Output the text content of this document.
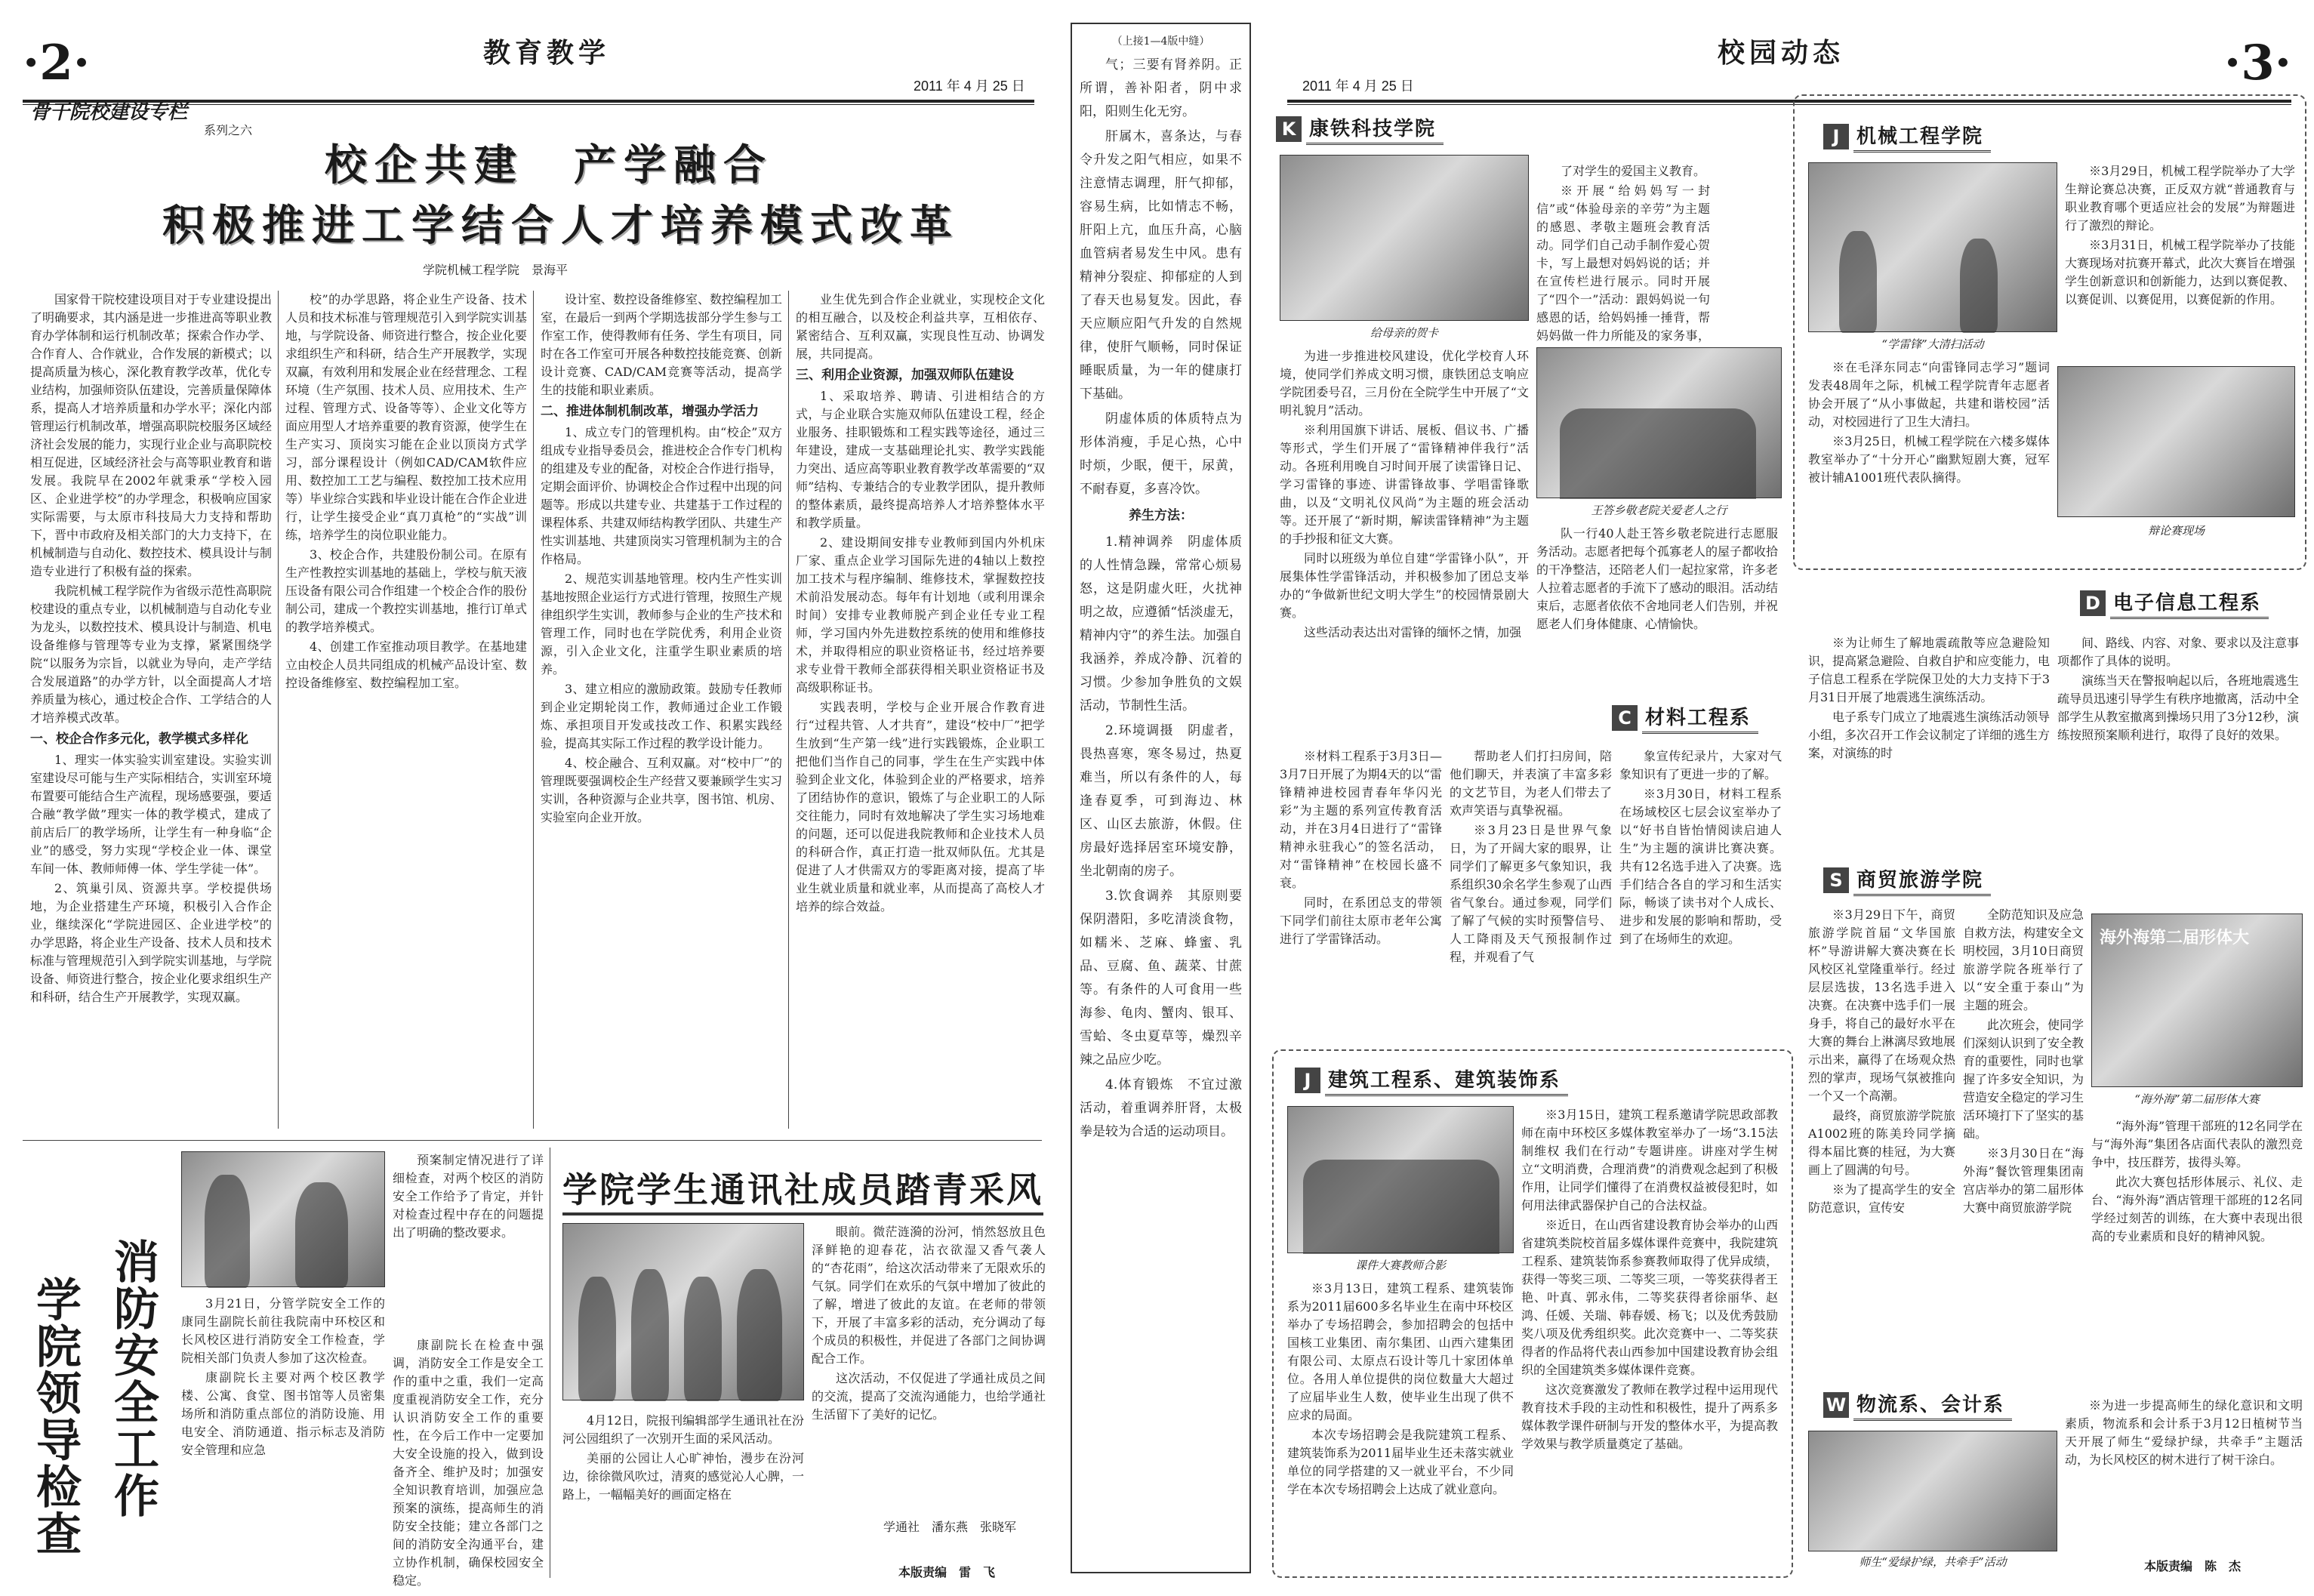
·2·	教育教学
2011 年 4 月 25 日
骨干院校建设专栏
系列之六
校企共建　产学融合
积极推进工学结合人才培养模式改革
学院机械工程学院　景海平

国家骨干院校建设项目对于专业建设提出了明确要求，其内涵是进一步推进高等职业教育办学体制和运行机制改革；探索合作办学、合作育人、合作就业，合作发展的新模式；以提高质量为核心，深化教育教学改革，优化专业结构，加强师资队伍建设，完善质量保障体系，提高人才培养质量和办学水平；深化内部管理运行机制改革，增强高职院校服务区域经济社会发展的能力，实现行业企业与高职院校相互促进，区域经济社会与高等职业教育和谐发展。我院早在2002年就秉承“学校入园区、企业进学校”的办学理念，积极响应国家实际需要，与太原市科技局大力支持和帮助下，晋中市政府及相关部门的大力支持下，在机械制造与自动化、数控技术、模具设计与制造专业进行了积极有益的探索。

我院机械工程学院作为省级示范性高职院校建设的重点专业，以机械制造与自动化专业为龙头，以数控技术、模具设计与制造、机电设备维修与管理等专业为支撑，紧紧围绕学院“以服务为宗旨，以就业为导向，走产学结合发展道路”的办学方针，以全面提高人才培养质量为核心，通过校企合作、工学结合的人才培养模式改革。

一、校企合作多元化，教学模式多样化

1、理实一体实验实训室建设。实验实训室建设尽可能与生产实际相结合，实训室环境布置要可能结合生产流程，现场感要强，要适合融“教学做”理实一体的教学模式，建成了前店后厂的教学场所，让学生有一种身临“企业”的感受，努力实现“学校企业一体、课堂车间一体、教师师傅一体、学生学徒一体”。

2、筑巢引凤、资源共享。学校提供场地，为企业搭建生产环境，积极引入合作企业，继续深化“学院进园区、企业进学校”的办学思路，将企业生产设备、技术人员和技术标准与管理规范引入到学院实训基地，与学院设备、师资进行整合，按企业化要求组织生产和科研，结合生产开展教学，实现双赢。

校”的办学思路，将企业生产设备、技术人员和技术标准与管理规范引入到学院实训基地，与学院设备、师资进行整合，按企业化要求组织生产和科研，结合生产开展教学，实现双赢，有效利用和发展企业在经营理念、工程环境（生产氛围、技术人员、应用技术、生产过程、管理方式、设备等等）、企业文化等方面应用型人才培养重要的教育资源，使学生在生产实习、顶岗实习能在企业以顶岗方式学习，部分课程设计（例如CAD/CAM软件应用、数控加工工艺与编程、数控加工技术应用等）毕业综合实践和毕业设计能在合作企业进行，让学生接受企业“真刀真枪”的“实战”训练，培养学生的岗位职业能力。

3、校企合作，共建股份制公司。在原有生产性教控实训基地的基础上，学校与航天液压设备有限公司合作组建一个校企合作的股份制公司，建成一个教控实训基地，推行订单式的教学培养模式。

4、创建工作室推动项目教学。在基地建立由校企人员共同组成的机械产品设计室、数控设备维修室、数控编程加工室。

设计室、数控设备维修室、数控编程加工室，在最后一到两个学期选拔部分学生参与工作室工作，使得教师有任务、学生有项目，同时在各工作室可开展各种数控技能竞赛、创新设计竞赛、CAD/CAM竞赛等活动，提高学生的技能和职业素质。

二、推进体制机制改革，增强办学活力

1、成立专门的管理机构。由“校企”双方组成专业指导委员会，推进校企合作专门机构的组建及专业的配备，对校企合作进行指导，定期会面评价、协调校企合作过程中出现的问题等。形成以共建专业、共建基于工作过程的课程体系、共建双师结构教学团队、共建生产性实训基地、共建顶岗实习管理机制为主的合作格局。

2、规范实训基地管理。校内生产性实训基地按照企业运行方式进行管理，按照生产规律组织学生实训，教师参与企业的生产技术和管理工作，同时也在学院优秀，利用企业资源，引入企业文化，注重学生职业素质的培养。

3、建立相应的激励政策。鼓励专任教师到企业定期轮岗工作，教师通过企业工作锻炼、承担项目开发或技改工作、积累实践经验，提高其实际工作过程的教学设计能力。

4、校企融合、互利双赢。对“校中厂”的管理既要强调校企生产经营又要兼顾学生实习实训，各种资源与企业共享，图书馆、机房、实验室向企业开放。

业生优先到合作企业就业，实现校企文化的相互融合，以及校企利益共享，互相依存、紧密结合、互利双赢，实现良性互动、协调发展，共同提高。

三、利用企业资源，加强双师队伍建设

1、采取培养、聘请、引进相结合的方式，与企业联合实施双师队伍建设工程，经企业服务、挂职锻炼和工程实践等途径，通过三年建设，建成一支基础理论扎实、教学实践能力突出、适应高等职业教育教学改革需要的“双师”结构、专兼结合的专业教学团队，提升教师的整体素质，最终提高培养人才培养整体水平和教学质量。

2、建设期间安排专业教师到国内外机床厂家、重点企业学习国际先进的4轴以上数控加工技术与程序编制、维修技术，掌握数控技术前沿发展动态。每年有计划地（或利用课余时间）安排专业教师脱产到企业任专业工程师，学习国内外先进数控系统的使用和维修技术，并取得相应的职业资格证书，经过培养要求专业骨干教师全部获得相关职业资格证书及高级职称证书。

实践表明，学校与企业开展合作教育进行“过程共管、人才共育”，建设“校中厂”把学生放到“生产第一线”进行实践锻炼，企业职工把他们当作自己的同事，学生在生产实践中体验到企业文化，体验到企业的严格要求，培养了团结协作的意识，锻炼了与企业职工的人际交往能力，同时有效地解决了学生实习场地难的问题，还可以促进我院教师和企业技术人员的科研合作，真正打造一批双师队伍。尤其是促进了人才供需双方的零距离对接，提高了毕业生就业质量和就业率，从而提高了高校人才培养的综合效益。

学院领导检查 消防安全工作

预案制定情况进行了详细检查，对两个校区的消防安全工作给予了肯定，并针对检查过程中存在的问题提出了明确的整改要求。

3月21日，分管学院安全工作的康同生副院长前往我院南中环校区和长风校区进行消防安全工作检查，学院相关部门负责人参加了这次检查。

康副院长主要对两个校区教学楼、公寓、食堂、图书馆等人员密集场所和消防重点部位的消防设施、用电安全、消防通道、指示标志及消防安全管理和应急

康副院长在检查中强调，消防安全工作是安全工作的重中之重，我们一定高度重视消防安全工作，充分认识消防安全工作的重要性，在今后工作中一定要加大安全设施的投入，做到设备齐全、维护及时；加强安全知识教育培训，加强应急预案的演练，提高师生的消防安全技能；建立各部门之间的消防安全沟通平台，建立协作机制，确保校园安全稳定。

学院学生通讯社成员踏青采风

4月12日，院报刊编辑部学生通讯社在汾河公园组织了一次别开生面的采风活动。

美丽的公园让人心旷神怡，漫步在汾河边，徐徐微风吹过，清爽的感觉沁人心脾，一路上，一幅幅美好的画面定格在

眼前。微茫涟漪的汾河，悄然怒放且色泽鲜艳的迎春花，沾衣欲湿又香气袭人的“杏花雨”，给这次活动带来了无限欢乐的气氛。同学们在欢乐的气氛中增加了彼此的了解，增进了彼此的友谊。在老师的带领下，开展了丰富多彩的活动，充分调动了每个成员的积极性，并促进了各部门之间协调配合工作。

这次活动，不仅促进了学通社成员之间的交流，提高了交流沟通能力，也给学通社生活留下了美好的记忆。

学通社　潘东燕　张晓军
本版责编　雷　飞
（上接1—4版中缝）

气；三要有肾养阴。正所谓，善补阳者，阴中求阳，阳则生化无穷。

肝属木，喜条达，与春令升发之阳气相应，如果不注意情志调理，肝气抑郁，容易生病，比如情志不畅，肝阳上亢，血压升高，心脑血管病者易发生中风。患有精神分裂症、抑郁症的人到了春天也易复发。因此，春天应顺应阳气升发的自然规律，使肝气顺畅，同时保证睡眠质量，为一年的健康打下基础。

阴虚体质的体质特点为形体消瘦，手足心热，心中时烦，少眠，便干，尿黄，不耐春夏，多喜冷饮。

养生方法：

1.精神调养　阴虚体质的人性情急躁，常常心烦易怒，这是阴虚火旺，火扰神明之故，应遵循“恬淡虚无，精神内守”的养生法。加强自我涵养，养成冷静、沉着的习惯。少参加争胜负的文娱活动，节制性生活。

2.环境调摄　阴虚者，畏热喜寒，寒冬易过，热夏难当，所以有条件的人，每逢春夏季，可到海边、林区、山区去旅游，休假。住房最好选择居室环境安静，坐北朝南的房子。

3.饮食调养　其原则要保阴潜阳，多吃清淡食物，如糯米、芝麻、蜂蜜、乳品、豆腐、鱼、蔬菜、甘蔗等。有条件的人可食用一些海参、龟肉、蟹肉、银耳、雪蛤、冬虫夏草等，燥烈辛辣之品应少吃。

4.体育锻炼　不宜过激活动，着重调养肝肾，太极拳是较为合适的运动项目。

2011 年 4 月 25 日
校园动态	·3·
K 康铁科技学院
给母亲的贺卡

了对学生的爱国主义教育。

※开展“给妈妈写一封信”或“体验母亲的辛劳”为主题的感恩、孝敬主题班会教育活动。同学们自己动手制作爱心贺卡，写上最想对妈妈说的话；并在宣传栏进行展示。同时开展了“四个一”活动：跟妈妈说一句感恩的话，给妈妈捶一捶背，帮妈妈做一件力所能及的家务事，

为进一步推进校风建设，优化学校育人环境，使同学们养成文明习惯，康铁团总支响应学院团委号召，三月份在全院学生中开展了“文明礼貌月”活动。

※利用国旗下讲话、展板、倡议书、广播等形式，学生们开展了“雷锋精神伴我行”活动。各班利用晚自习时间开展了读雷锋日记、学习雷锋的事迹、讲雷锋故事、学唱雷锋歌曲，以及“文明礼仪风尚”为主题的班会活动等。还开展了“新时期，解读雷锋精神”为主题的手抄报和征文大赛。

同时以班级为单位自建“学雷锋小队”，开展集体性学雷锋活动，并积极参加了团总支举办的“争做新世纪文明大学生”的校园情景剧大赛。

这些活动表达出对雷锋的缅怀之情，加强

王答乡敬老院关爱老人之行

队一行40人赴王答乡敬老院进行志愿服务活动。志愿者把每个孤寡老人的屋子都收拾的干净整洁，还陪老人们一起拉家常，许多老人拉着志愿者的手流下了感动的眼泪。活动结束后，志愿者依依不舍地同老人们告别，并祝愿老人们身体健康、心情愉快。

J 机械工程学院
“学雷锋”大清扫活动

※3月29日，机械工程学院举办了大学生辩论赛总决赛，正反双方就“普通教育与职业教育哪个更适应社会的发展”为辩题进行了激烈的辩论。

※3月31日，机械工程学院举办了技能大赛现场对抗赛开幕式，此次大赛旨在增强学生创新意识和创新能力，达到以赛促教、以赛促训、以赛促用，以赛促新的作用。

※在毛泽东同志“向雷锋同志学习”题词发表48周年之际，机械工程学院青年志愿者协会开展了“从小事做起，共建和谐校园”活动，对校园进行了卫生大清扫。

※3月25日，机械工程学院在六楼多媒体教室举办了“十分开心”幽默短剧大赛，冠军被计辅A1001班代表队摘得。

辩论赛现场
D 电子信息工程系

※为让师生了解地震疏散等应急避险知识，提高紧急避险、自救自护和应变能力，电子信息工程系在学院保卫处的大力支持下于3月31日开展了地震逃生演练活动。

电子系专门成立了地震逃生演练活动领导小组，多次召开工作会议制定了详细的逃生方案，对演练的时

间、路线、内容、对象、要求以及注意事项都作了具体的说明。

演练当天在警报响起以后，各班地震逃生疏导员迅速引导学生有秩序地撤离，活动中全部学生从教室撤离到操场只用了3分12秒，演练按照预案顺利进行，取得了良好的效果。

C 材料工程系

※材料工程系于3月3日—3月7日开展了为期4天的以“雷锋精神进校园青春年华闪光彩”为主题的系列宣传教育活动，并在3月4日进行了“雷锋精神永驻我心”的签名活动，对“雷锋精神”在校园长盛不衰。

同时，在系团总支的带领下同学们前往太原市老年公寓进行了学雷锋活动。

帮助老人们打扫房间，陪他们聊天，并表演了丰富多彩的文艺节目，为老人们带去了欢声笑语与真挚祝福。

※3月23日是世界气象日，为了开阔大家的眼界，让同学们了解更多气象知识，我系组织30余名学生参观了山西省气象台。通过参观，同学们了解了气候的实时预警信号、人工降雨及天气预报制作过程，并观看了气

象宣传纪录片，大家对气象知识有了更进一步的了解。

※3月30日，材料工程系在场域校区七层会议室举办了以“好书自皆怡情阅读启迪人生”为主题的演讲比赛决赛。共有12名选手进入了决赛。选手们结合各自的学习和生活实际，畅谈了读书对个人成长、进步和发展的影响和帮助，受到了在场师生的欢迎。

S 商贸旅游学院

※3月29日下午，商贸旅游学院首届“文华国旅杯”导游讲解大赛决赛在长风校区礼堂隆重举行。经过层层选拔，13名选手进入决赛。在决赛中选手们一展身手，将自己的最好水平在大赛的舞台上淋漓尽致地展示出来，赢得了在场观众热烈的掌声，现场气氛被推向一个又一个高潮。

最终，商贸旅游学院旅A1002班的陈美玲同学摘得本届比赛的桂冠，为大赛画上了圆满的句号。

※为了提高学生的安全防范意识，宣传安

全防范知识及应急自救方法，构建安全文明校园，3月10日商贸旅游学院各班举行了以“安全重于泰山”为主题的班会。

此次班会，使同学们深刻认识到了安全教育的重要性，同时也掌握了许多安全知识，为营造安全稳定的学习生活环境打下了坚实的基础。

※3月30日在“海外海”餐饮管理集团南宫店举办的第二届形体大赛中商贸旅游学院

海外海第二届形体大
“海外海”第二届形体大赛

“海外海”管理干部班的12名同学在与“海外海”集团各店面代表队的激烈竞争中，技压群芳，拔得头筹。

此次大赛包括形体展示、礼仪、走台、“海外海”酒店管理干部班的12名同学经过刻苦的训练，在大赛中表现出很高的专业素质和良好的精神风貌。

J 建筑工程系、建筑装饰系
课件大赛教师合影

※3月15日，建筑工程系邀请学院思政部教师在南中环校区多媒体教室举办了一场“3.15法制维权 我们在行动”专题讲座。讲座对学生树立“文明消费，合理消费”的消费观念起到了积极作用，让同学们懂得了在消费权益被侵犯时，如何用法律武器保护自己的合法权益。

※近日，在山西省建设教育协会举办的山西省建筑类院校首届多媒体课件竞赛中，我院建筑工程系、建筑装饰系参赛教师取得了优异成绩，获得一等奖三项、二等奖三项，一等奖获得者王艳、叶真、郭永伟，二等奖获得者徐丽华、赵鸿、任媛、关瑞、韩春媛、杨飞；以及优秀鼓励奖八项及优秀组织奖。此次竞赛中一、二等奖获得者的作品将代表山西参加中国建设教育协会组织的全国建筑类多媒体课件竞赛。

这次竞赛激发了教师在教学过程中运用现代教育技术手段的主动性和积极性，提升了两系多媒体教学课件研制与开发的整体水平，为提高教学效果与教学质量奠定了基础。

※3月13日，建筑工程系、建筑装饰系为2011届600多名毕业生在南中环校区举办了专场招聘会，参加招聘会的包括中国核工业集团、南尔集团、山西六建集团有限公司、太原点石设计等几十家团体单位。各用人单位提供的岗位数量大大超过了应届毕业生人数，使毕业生出现了供不应求的局面。

本次专场招聘会是我院建筑工程系、建筑装饰系为2011届毕业生还未落实就业单位的同学搭建的又一就业平台，不少同学在本次专场招聘会上达成了就业意向。

W 物流系、会计系
师生“爱绿护绿，共牵手”活动

※为进一步提高师生的绿化意识和文明素质，物流系和会计系于3月12日植树节当天开展了师生“爱绿护绿，共牵手”主题活动，为长风校区的树木进行了树干涂白。

本版责编　陈　杰
